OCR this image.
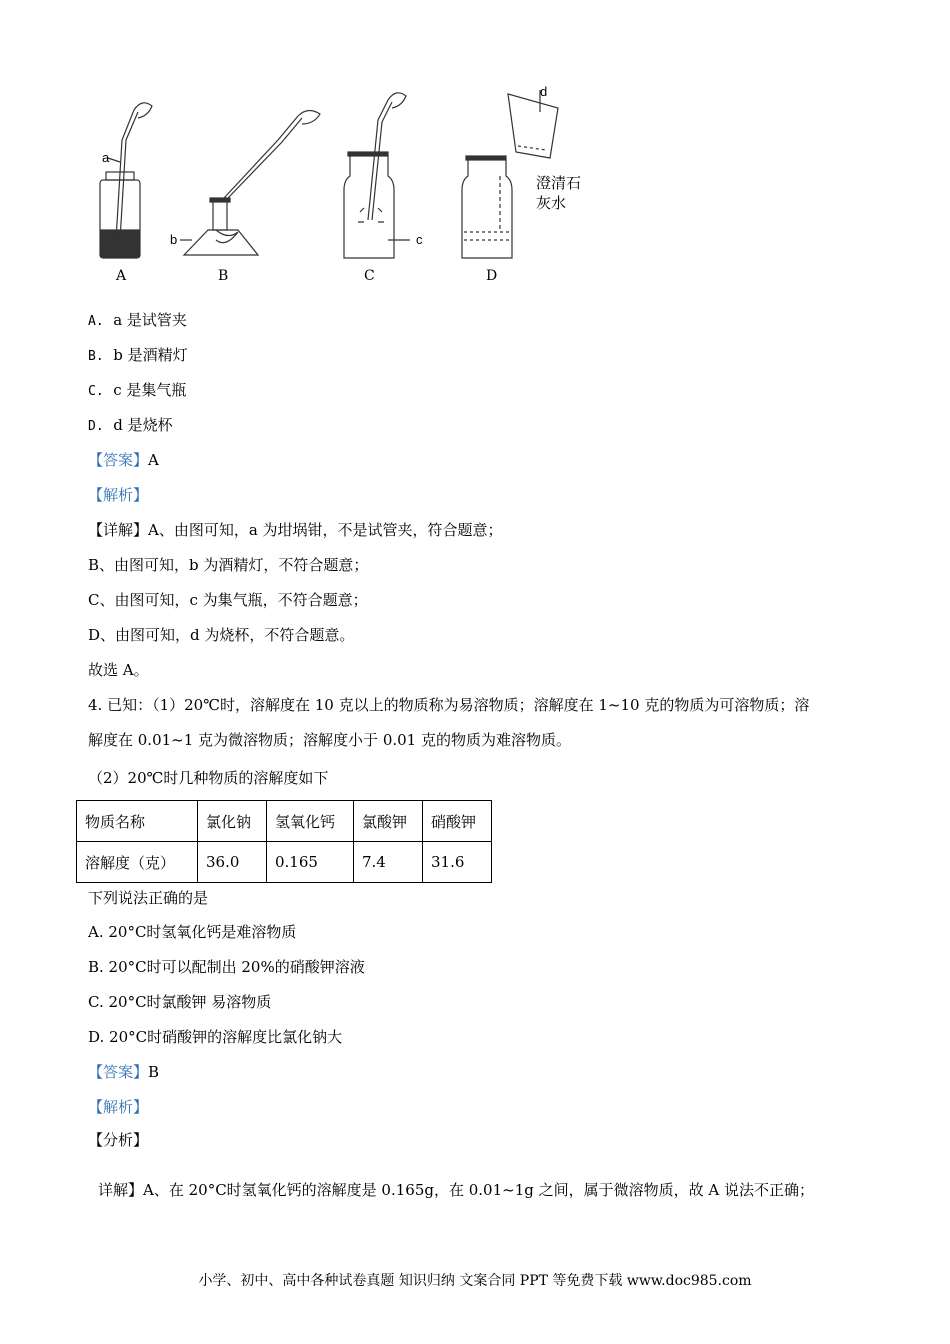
a
b	c
d
澄清石
灰水
A	B	C	D
A. a 是试管夹
B. b 是酒精灯
C. c 是集气瓶
D. d 是烧杯
【答案】A
【解析】
【详解】A、由图可知，a 为坩埚钳，不是试管夹，符合题意；
B、由图可知，b 为酒精灯，不符合题意；
C、由图可知，c 为集气瓶，不符合题意；
D、由图可知，d 为烧杯，不符合题意。
故选 A。
4. 已知：（1）20℃时，溶解度在 10 克以上的物质称为易溶物质；溶解度在 1~10 克的物质为可溶物质；溶
解度在 0.01~1 克为微溶物质；溶解度小于 0.01 克的物质为难溶物质。
（2）20℃时几种物质的溶解度如下
物质名称	氯化钠	氢氧化钙	氯酸钾	硝酸钾
溶解度（克）	36.0	0.165	7.4	31.6
下列说法正确的是
A. 20°C时氢氧化钙是难溶物质
B. 20°C时可以配制出 20%的硝酸钾溶液
C. 20°C时氯酸钾 易溶物质
D. 20°C时硝酸钾的溶解度比氯化钠大
【答案】B
【解析】
【分析】
详解】A、在 20°C时氢氧化钙的溶解度是 0.165g，在 0.01~1g 之间，属于微溶物质，故 A 说法不正确；
小学、初中、高中各种试卷真题 知识归纳 文案合同 PPT 等免费下载 www.doc985.com
